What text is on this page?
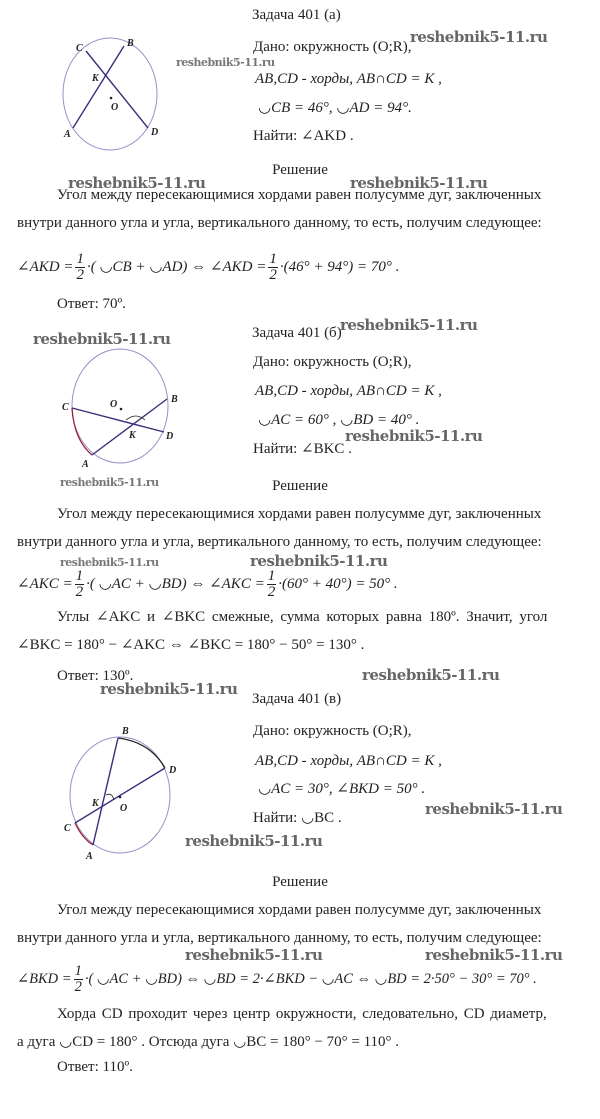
C	B
K
O
A	D
C
B
O
K	D
A
B
D
K O
C
A
Задача 401 (а)
Дано: окружность (O;R),
AB,CD - хорды, AB∩CD = K ,
◡CB = 46°, ◡AD = 94°.
Найти: ∠AKD .
Решение
Угол между пересекающимися хордами равен полусумме дуг, заключенных
внутри данного угла и угла, вертикального данному, то есть, получим следующее:
∠AKD = $\frac{1}{2}$ ·( ◡CB + ◡AD) ⇔ ∠AKD = $\frac{1}{2} \cdot(46^\circ + 94^\circ) = 70^\circ$ .
Ответ: 70º.
Задача 401 (б)
Дано: окружность (O;R),
AB,CD - хорды, AB∩CD = K ,
◡AC = 60° , ◡BD = 40° .
Найти: ∠BKC .
Решение
Угол между пересекающимися хордами равен полусумме дуг, заключенных
внутри данного угла и угла, вертикального данному, то есть, получим следующее:
∠AKC = $\frac{1}{2}$ ·( ◡AC + ◡BD) ⇔ ∠AKC = $\frac{1}{2} \cdot(60^\circ + 40^\circ) = 50^\circ$ .
Углы ∠AKC и ∠BKC смежные, сумма которых равна 180º. Значит, угол
∠BKC = 180° − ∠AKC ⇔ ∠BKC = 180° − 50° = 130° .
Ответ: 130º.
Задача 401 (в)
Дано: окружность (O;R),
AB,CD - хорды, AB∩CD = K ,
◡AC = 30°, ∠BKD = 50° .
Найти: ◡BC .
Решение
Угол между пересекающимися хордами равен полусумме дуг, заключенных
внутри данного угла и угла, вертикального данному, то есть, получим следующее:
∠BKD = $\frac{1}{2}$ ·( ◡AC + ◡BD) ⇔ ◡BD = 2·∠BKD − ◡AC ⇔ ◡BD = 2·50° − 30° = 70° .
Хорда CD проходит через центр окружности, следовательно, CD диаметр,
а дуга ◡CD = 180° . Отсюда дуга ◡BC = 180° − 70° = 110° .
Ответ: 110º.
reshebnik5-11.ru
reshebnik5-11.ru
reshebnik5-11.ru	reshebnik5-11.ru
reshebnik5-11.ru
reshebnik5-11.ru
reshebnik5-11.ru
reshebnik5-11.ru
reshebnik5-11.ru	reshebnik5-11.ru
reshebnik5-11.ru
reshebnik5-11.ru
reshebnik5-11.ru
reshebnik5-11.ru
reshebnik5-11.ru	reshebnik5-11.ru
